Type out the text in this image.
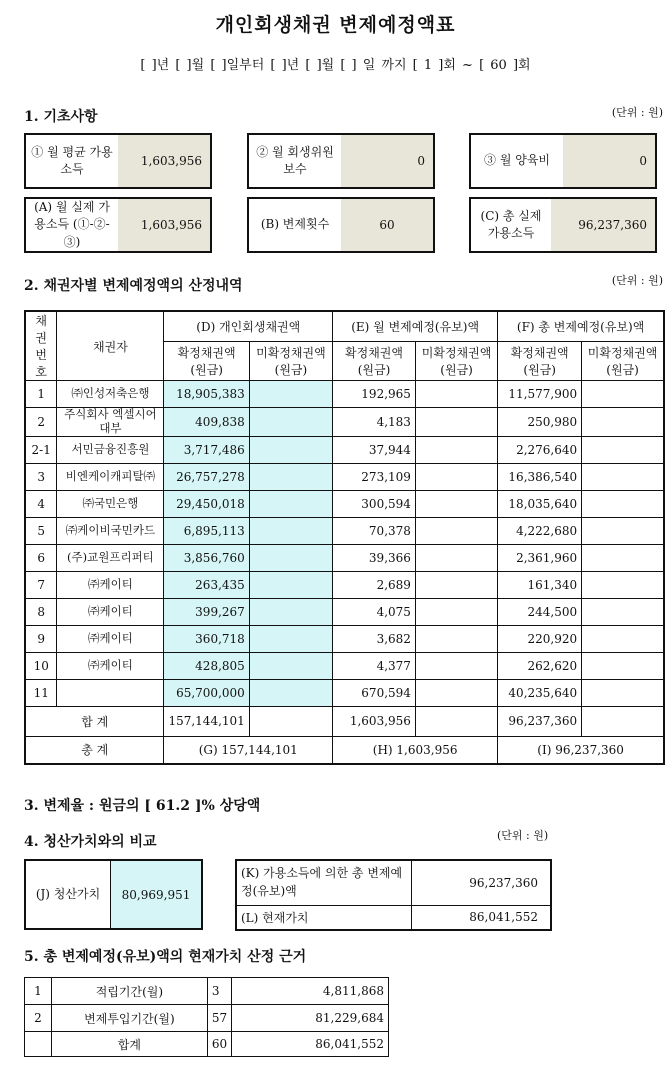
개인회생채권 변제예정액표
[ ]년 [ ]월 [ ]일부터 [ ]년 [ ]월 [ ] 일 까지 [ 1 ]회 ~ [ 60 ]회
1. 기초사항	(단위 : 원)
① 월 평균 가용소득
1,603,956
② 월 회생위원보수
0	③ 월 양육비	0
(A) 월 실제 가용소득 (①-②-③)
1,603,956	(B) 변제횟수	60
(C) 총 실제 가용소득
96,237,360
2. 채권자별 변제예정액의 산정내역	(단위 : 원)
채권 번호	채권자	(D) 개인회생채권액		(E) 월 변제예정(유보)액		(F) 총 변제예정(유보)액	
		확정채권액 (원금)	미확정채권액 (원금)	확정채권액 (원금)	미확정채권액 (원금)	확정채권액 (원금)	미확정채권액 (원금)
1	㈜인성저축은행	18,905,383		192,965		11,577,900	
2	주식회사 엑셀시어대부	409,838		4,183		250,980	
2-1	서민금융진흥원	3,717,486		37,944		2,276,640	
3	비엔케이캐피탈㈜	26,757,278		273,109		16,386,540	
4	㈜국민은행	29,450,018		300,594		18,035,640	
5	㈜케이비국민카드	6,895,113		70,378		4,222,680	
6	(주)교원프리퍼티	3,856,760		39,366		2,361,960	
7	㈜케이티	263,435		2,689		161,340	
8	㈜케이티	399,267		4,075		244,500	
9	㈜케이티	360,718		3,682		220,920	
10	㈜케이티	428,805		4,377		262,620	
11		65,700,000		670,594		40,235,640	
합 계		157,144,101		1,603,956		96,237,360	
총 계		(G) 157,144,101		(H) 1,603,956		(I) 96,237,360	
3. 변제율 : 원금의 [ 61.2 ]% 상당액
4. 청산가치와의 비교	(단위 : 원)
(J) 청산가치	80,969,951
(K) 가용소득에 의한 총 변제예정(유보)액	96,237,360
(L) 현재가치	86,041,552
5. 총 변제예정(유보)액의 현재가치 산정 근거
1	적립기간(월)	3	4,811,868
2	변제투입기간(월)	57	81,229,684
	합계	60	86,041,552
